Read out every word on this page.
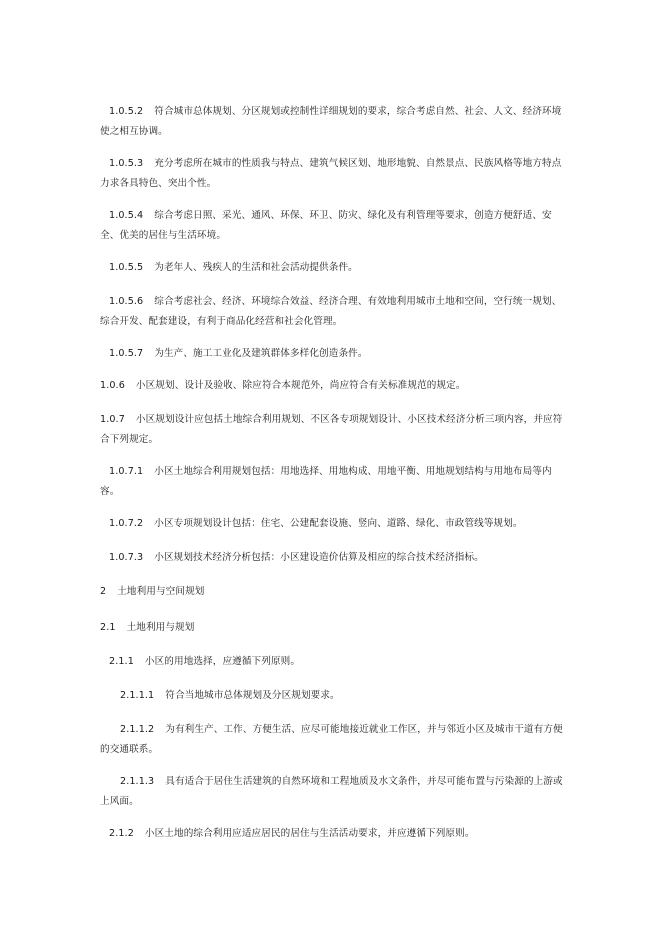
1.0.5.2 符合城市总体规划、分区规划或控制性详细规划的要求，综合考虑自然、社会、人文、经济环境使之相互协调。

1.0.5.3 充分考虑所在城市的性质我与特点、建筑气候区划、地形地貌、自然景点、民族风格等地方特点力求各具特色、突出个性。

1.0.5.4 综合考虑日照、采光、通风、环保、环卫、防灾、绿化及有利管理等要求，创造方便舒适、安全、优美的居住与生活环境。

1.0.5.5 为老年人、残疾人的生活和社会活动提供条件。

1.0.5.6 综合考虑社会、经济、环境综合效益、经济合理、有效地利用城市土地和空间，空行统一规划、综合开发、配套建设，有利于商品化经营和社会化管理。

1.0.5.7 为生产、施工工业化及建筑群体多样化创造条件。

1.0.6 小区规划、设计及验收、除应符合本规范外，尚应符合有关标准规范的规定。

1.0.7 小区规划设计应包括土地综合利用规划、不区各专项规划设计、小区技术经济分析三项内容，并应符合下列规定。

1.0.7.1 小区土地综合利用规划包括：用地选择、用地构成、用地平衡、用地规划结构与用地布局等内容。

1.0.7.2 小区专项规划设计包括：住宅、公建配套设施、竖向、道路、绿化、市政管线等规划。

1.0.7.3 小区规划技术经济分析包括：小区建设造价估算及相应的综合技术经济指标。

2 土地利用与空间规划

2.1 土地利用与规划

2.1.1 小区的用地选择，应遵循下列原则。

2.1.1.1 符合当地城市总体规划及分区规划要求。

2.1.1.2 为有利生产、工作、方便生活、应尽可能地接近就业工作区，并与邻近小区及城市干道有方便的交通联系。

2.1.1.3 具有适合于居住生活建筑的自然环境和工程地质及水文条件，并尽可能布置与污染源的上游或上风面。

2.1.2 小区土地的综合利用应适应居民的居住与生活活动要求，并应遵循下列原则。
